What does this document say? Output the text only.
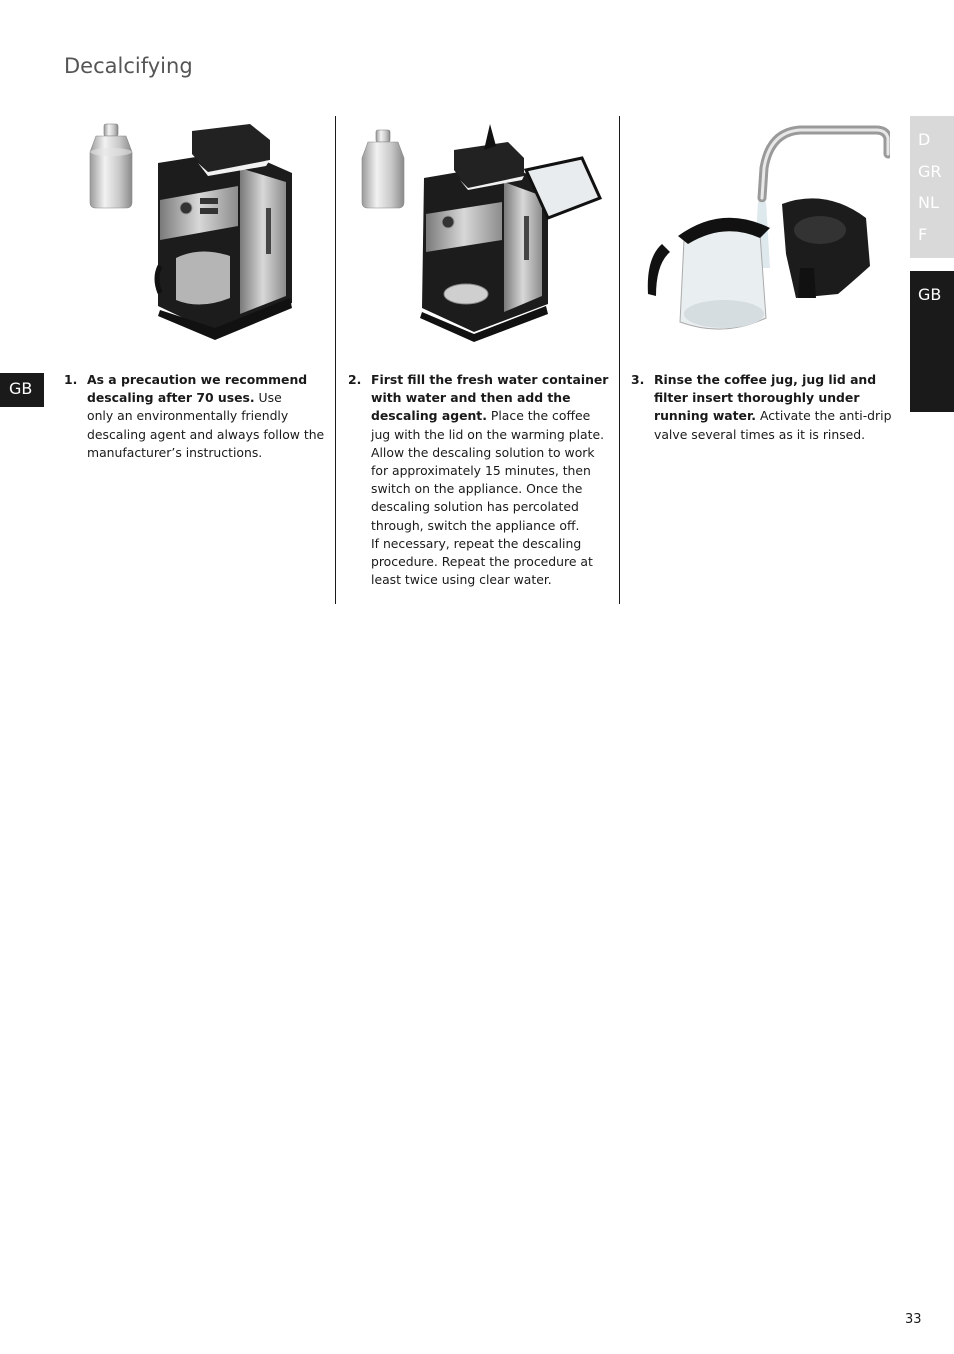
Decalcifying
D
GR
NL
F
GB
GB	1. As a precaution we recommend
descaling after 70 uses. Use
only an environmentally friendly
descaling agent and always follow the
manufacturer’s instructions.
2. First fill the fresh water container
with water and then add the
descaling agent. Place the coffee
jug with the lid on the warming plate.
Allow the descaling solution to work
for approximately 15 minutes, then
switch on the appliance. Once the
descaling solution has percolated
through, switch the appliance off.
If necessary, repeat the descaling
procedure. Repeat the procedure at
least twice using clear water.
3. Rinse the coffee jug, jug lid and
filter insert thoroughly under
running water. Activate the anti-drip
valve several times as it is rinsed.
33
